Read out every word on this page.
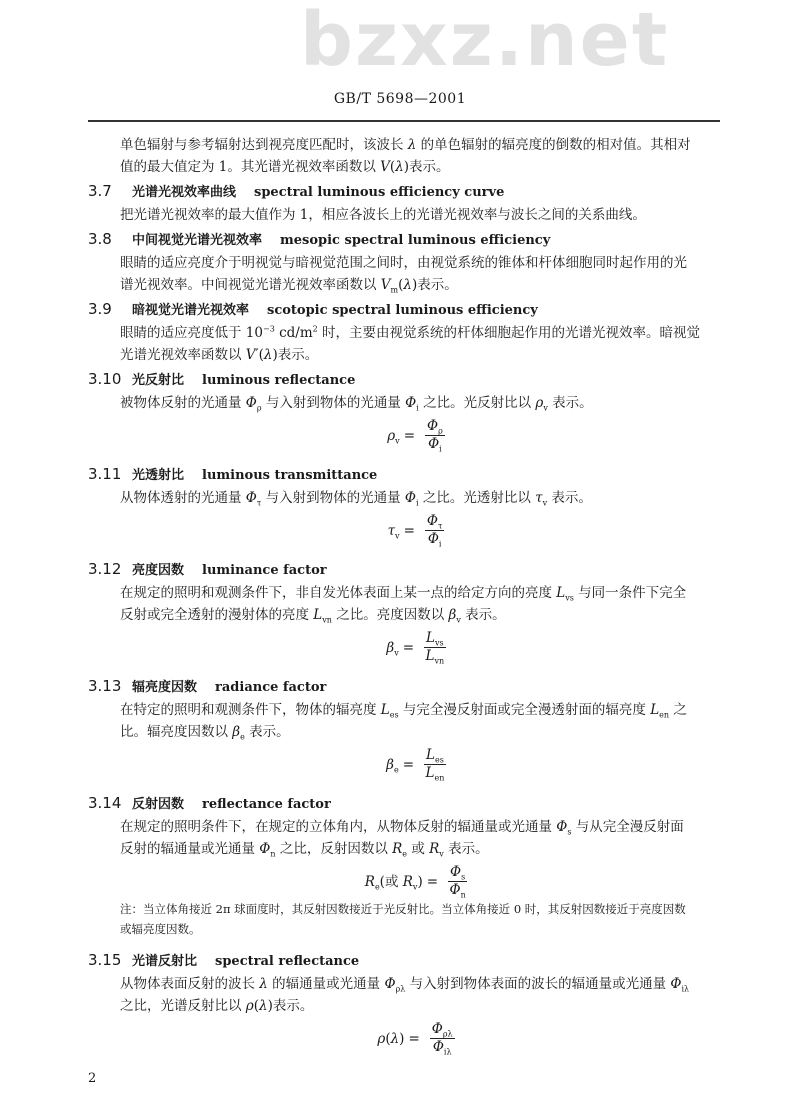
bzxz.net
GB/T 5698—2001
单色辐射与参考辐射达到视亮度匹配时，该波长 λ 的单色辐射的辐亮度的倒数的相对值。其相对
值的最大值定为 1。其光谱光视效率函数以 V(λ)表示。
3.7	光谱光视效率曲线 spectral luminous efficiency curve
把光谱光视效率的最大值作为 1，相应各波长上的光谱光视效率与波长之间的关系曲线。
3.8	中间视觉光谱光视效率 mesopic spectral luminous efficiency
眼睛的适应亮度介于明视觉与暗视觉范围之间时，由视觉系统的锥体和杆体细胞同时起作用的光
谱光视效率。中间视觉光谱光视效率函数以 $V_m(\lambda)$表示。
3.9	暗视觉光谱光视效率 scotopic spectral luminous efficiency
眼睛的适应亮度低于 $10^{-3}$ $cd/m^2$ 时，主要由视觉系统的杆体细胞起作用的光谱光视效率。暗视觉
光谱光视效率函数以 V′(λ)表示。
3.10 光反射比 luminous reflectance
被物体反射的光通量 $\Phi_\rho$ 与入射到物体的光通量 $\Phi_i$ 之比。光反射比以 $\rho_v$ 表示。
$\rho_v = \frac{\Phi_\rho}{\Phi_i}$
3.11 光透射比 luminous transmittance
从物体透射的光通量 $\Phi_\tau$ 与入射到物体的光通量 $\Phi_i$ 之比。光透射比以 $\tau_v$ 表示。
$\tau_v = \frac{\Phi_\tau}{\Phi_i}$
3.12 亮度因数 luminance factor
在规定的照明和观测条件下，非自发光体表面上某一点的给定方向的亮度 $L_{vs}$ 与同一条件下完全
反射或完全透射的漫射体的亮度 $L_{vn}$ 之比。亮度因数以 $\beta_v$ 表示。
$\beta_v = \frac{L_{vs}}{L_{vn}}$
3.13 辐亮度因数 radiance factor
在特定的照明和观测条件下，物体的辐亮度 $L_{es}$ 与完全漫反射面或完全漫透射面的辐亮度 $L_{en}$ 之
比。辐亮度因数以 $\beta_e$ 表示。
$\beta_e = \frac{L_{es}}{L_{en}}$
3.14 反射因数 reflectance factor
在规定的照明条件下，在规定的立体角内，从物体反射的辐通量或光通量 $\Phi_s$ 与从完全漫反射面
反射的辐通量或光通量 $\Phi_n$ 之比，反射因数以 $R_e$ 或 $R_v$ 表示。
$R_e$(或 $R_v) = \frac{\Phi_s}{\Phi_n}$
注：当立体角接近 2π 球面度时，其反射因数接近于光反射比。当立体角接近 0 时，其反射因数接近于亮度因数
或辐亮度因数。
3.15 光谱反射比 spectral reflectance
从物体表面反射的波长 λ 的辐通量或光通量 $\Phi_{\rho\lambda}$ 与入射到物体表面的波长的辐通量或光通量 $\Phi_{i\lambda}$
之比，光谱反射比以 ρ(λ)表示。
$\rho(\lambda) = \frac{\Phi_{\rho\lambda}}{\Phi_{i\lambda}}$
2
